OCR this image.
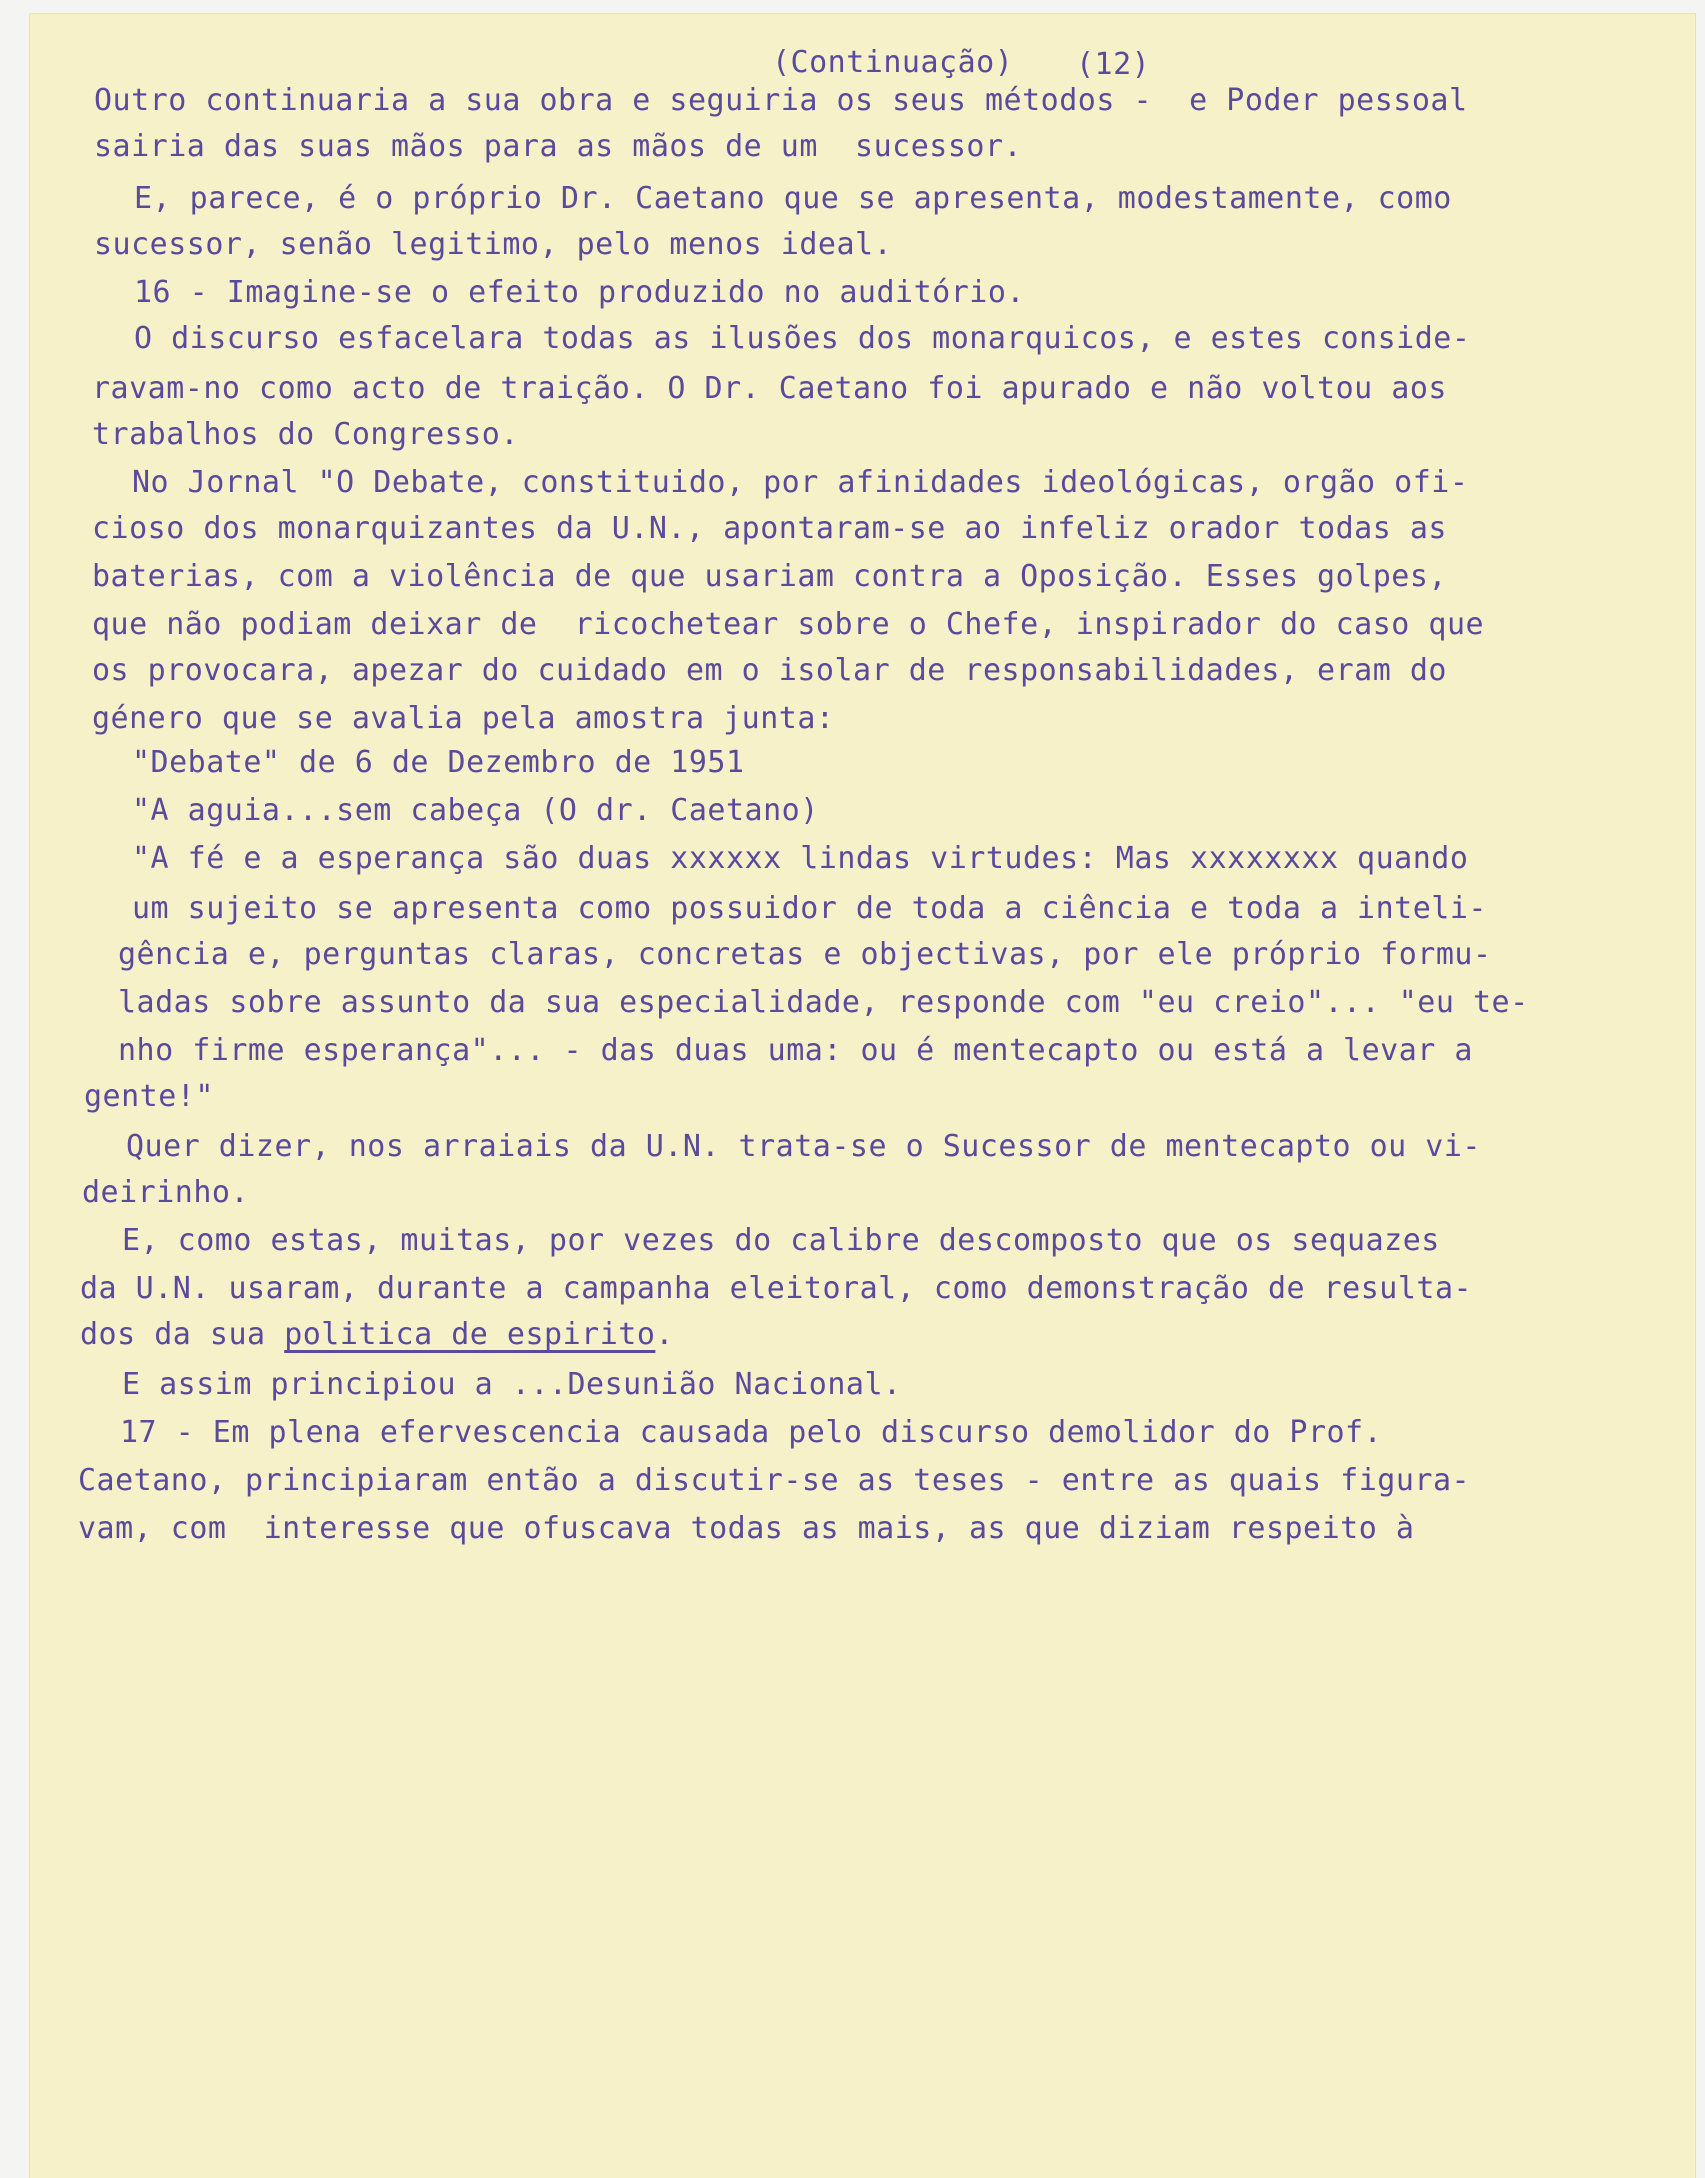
(Continuação) (12)
Outro continuaria a sua obra e seguiria os seus métodos -  e Poder pessoal
sairia das suas mãos para as mãos de um  sucessor.
E, parece, é o próprio Dr. Caetano que se apresenta, modestamente, como
sucessor, senão legitimo, pelo menos ideal.
16 - Imagine-se o efeito produzido no auditório.
O discurso esfacelara todas as ilusões dos monarquicos, e estes conside-
ravam-no como acto de traição. O Dr. Caetano foi apurado e não voltou aos
trabalhos do Congresso.
No Jornal "O Debate, constituido, por afinidades ideológicas, orgão ofi-
cioso dos monarquizantes da U.N., apontaram-se ao infeliz orador todas as
baterias, com a violência de que usariam contra a Oposição. Esses golpes,
que não podiam deixar de  ricochetear sobre o Chefe, inspirador do caso que
os provocara, apezar do cuidado em o isolar de responsabilidades, eram do
género que se avalia pela amostra junta:
"Debate" de 6 de Dezembro de 1951
"A aguia...sem cabeça (O dr. Caetano)
"A fé e a esperança são duas xxxxxx lindas virtudes: Mas xxxxxxxx quando
um sujeito se apresenta como possuidor de toda a ciência e toda a inteli-
gência e, perguntas claras, concretas e objectivas, por ele próprio formu-
ladas sobre assunto da sua especialidade, responde com "eu creio"... "eu te-
nho firme esperança"... - das duas uma: ou é mentecapto ou está a levar a
gente!"
Quer dizer, nos arraiais da U.N. trata-se o Sucessor de mentecapto ou vi-
deirinho.
E, como estas, muitas, por vezes do calibre descomposto que os sequazes
da U.N. usaram, durante a campanha eleitoral, como demonstração de resulta-
dos da sua politica de espirito.
E assim principiou a ...Desunião Nacional.
17 - Em plena efervescencia causada pelo discurso demolidor do Prof.
Caetano, principiaram então a discutir-se as teses - entre as quais figura-
vam, com  interesse que ofuscava todas as mais, as que diziam respeito à
